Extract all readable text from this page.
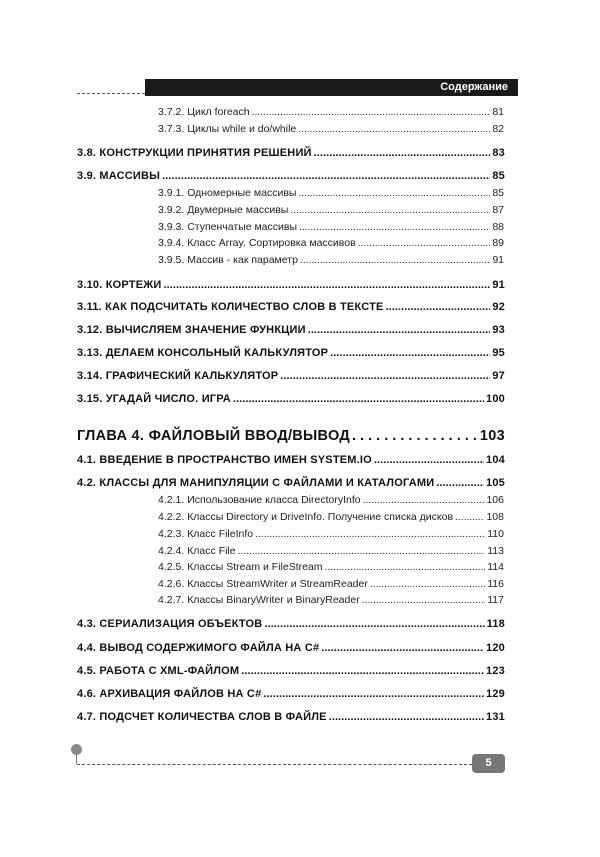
Содержание
3.7.2. Цикл foreach . . .	81
3.7.3. Циклы while и do/while . . .	82
3.8. КОНСТРУКЦИИ ПРИНЯТИЯ РЕШЕНИЙ . . .	83
3.9. МАССИВЫ . . .	85
3.9.1. Одномерные массивы . . .	85
3.9.2. Двумерные массивы . . .	87
3.9.3. Ступенчатые массивы . . .	88
3.9.4. Класс Array. Сортировка массивов . . .	89
3.9.5. Массив - как параметр . . .	91
3.10. КОРТЕЖИ . . .	91
3.11. КАК ПОДСЧИТАТЬ КОЛИЧЕСТВО СЛОВ В ТЕКСТЕ . . .	92
3.12. ВЫЧИСЛЯЕМ ЗНАЧЕНИЕ ФУНКЦИИ . . .	93
3.13. ДЕЛАЕМ КОНСОЛЬНЫЙ КАЛЬКУЛЯТОР . . .	95
3.14. ГРАФИЧЕСКИЙ КАЛЬКУЛЯТОР . . .	97
3.15. УГАДАЙ ЧИСЛО. ИГРА . . .	100
ГЛАВА 4. ФАЙЛОВЫЙ ВВОД/ВЫВОД . . .	103
4.1. ВВЕДЕНИЕ В ПРОСТРАНСТВО ИМЕН SYSTEM.IO . . .	104
4.2. КЛАССЫ ДЛЯ МАНИПУЛЯЦИИ С ФАЙЛАМИ И КАТАЛОГАМИ . . .	105
4.2.1. Использование класса DirectoryInfo . . .	106
4.2.2. Классы Directory и DriveInfo. Получение списка дисков . . .	108
4.2.3. Класс FileInfo . . .	110
4.2.4. Класс File . . .	113
4.2.5. Классы Stream и FileStream . . .	114
4.2.6. Классы StreamWriter и StreamReader . . .	116
4.2.7. Классы BinaryWriter и BinaryReader . . .	117
4.3. СЕРИАЛИЗАЦИЯ ОБЪЕКТОВ . . .	118
4.4. ВЫВОД СОДЕРЖИМОГО ФАЙЛА НА C# . . .	120
4.5. РАБОТА С XML-ФАЙЛОМ . . .	123
4.6. АРХИВАЦИЯ ФАЙЛОВ НА C# . . .	129
4.7. ПОДСЧЕТ КОЛИЧЕСТВА СЛОВ В ФАЙЛЕ . . .	131
5
